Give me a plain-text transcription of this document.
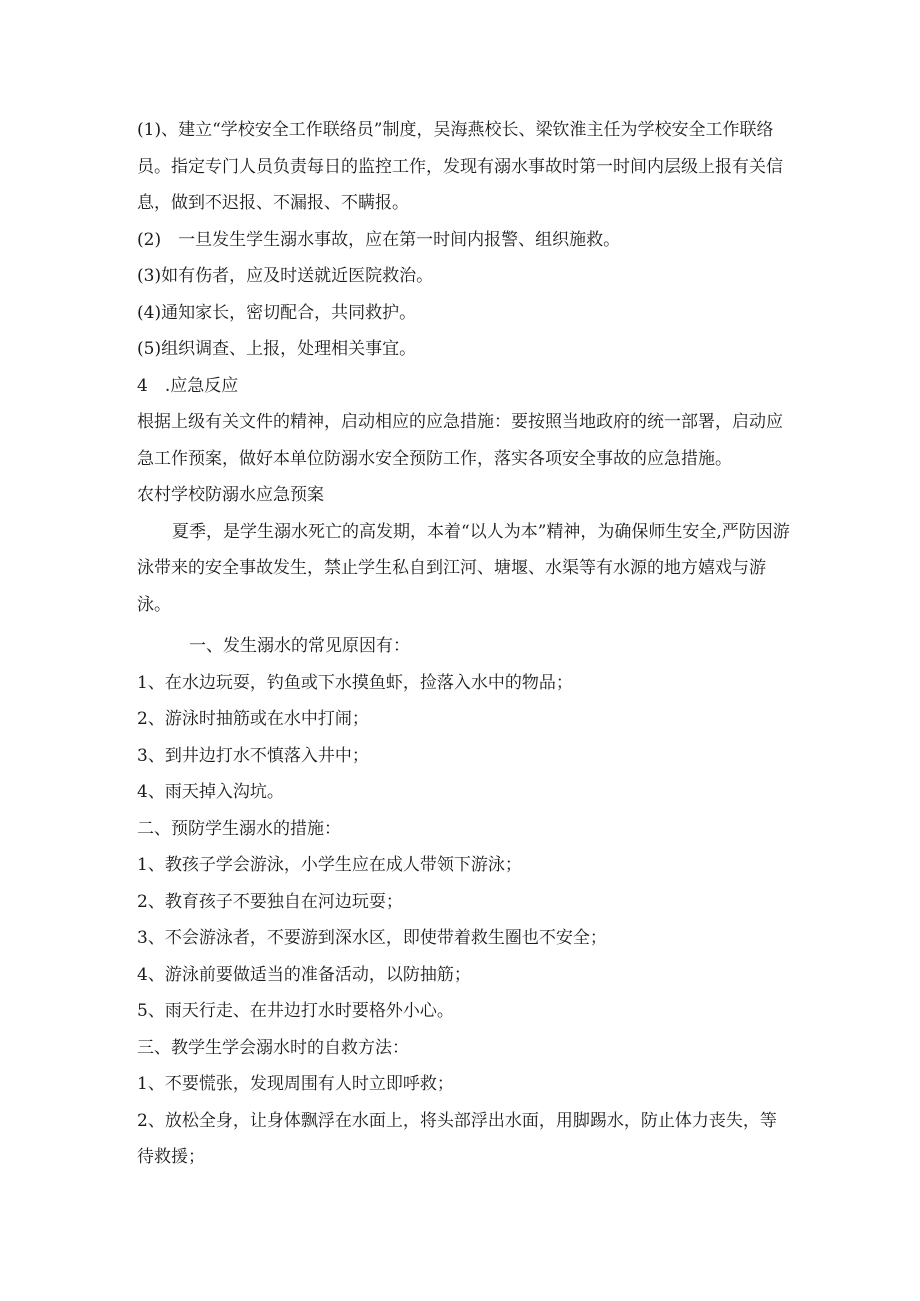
(1)、建立“学校安全工作联络员”制度，吴海燕校长、梁钦淮主任为学校安全工作联络员。指定专门人员负责每日的监控工作，发现有溺水事故时第一时间内层级上报有关信息，做到不迟报、不漏报、不瞒报。

(2)　一旦发生学生溺水事故，应在第一时间内报警、组织施救。

(3)如有伤者，应及时送就近医院救治。

(4)通知家长，密切配合，共同救护。

(5)组织调查、上报，处理相关事宜。

4　.应急反应

根据上级有关文件的精神，启动相应的应急措施：要按照当地政府的统一部署，启动应急工作预案，做好本单位防溺水安全预防工作，落实各项安全事故的应急措施。

农村学校防溺水应急预案

夏季，是学生溺水死亡的高发期，本着“以人为本”精神，为确保师生安全,严防因游泳带来的安全事故发生，禁止学生私自到江河、塘堰、水渠等有水源的地方嬉戏与游泳。

一、发生溺水的常见原因有：

1、在水边玩耍，钓鱼或下水摸鱼虾，捡落入水中的物品；

2、游泳时抽筋或在水中打闹；

3、到井边打水不慎落入井中；

4、雨天掉入沟坑。

二、预防学生溺水的措施：

1、教孩子学会游泳，小学生应在成人带领下游泳；

2、教育孩子不要独自在河边玩耍；

3、不会游泳者，不要游到深水区，即使带着救生圈也不安全；

4、游泳前要做适当的准备活动，以防抽筋；

5、雨天行走、在井边打水时要格外小心。

三、教学生学会溺水时的自救方法：

1、不要慌张，发现周围有人时立即呼救；

2、放松全身，让身体飘浮在水面上，将头部浮出水面，用脚踢水，防止体力丧失，等待救援；
